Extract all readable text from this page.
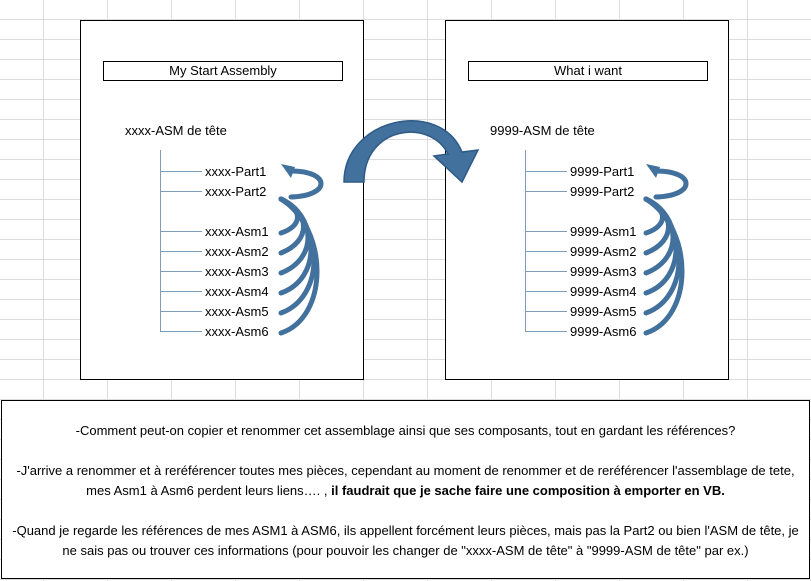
My Start Assembly
xxxx-ASM de tête
xxxx-Part1
xxxx-Part2
xxxx-Asm1
xxxx-Asm2
xxxx-Asm3
xxxx-Asm4
xxxx-Asm5
xxxx-Asm6
What i want
9999-ASM de tête
9999-Part1
9999-Part2
9999-Asm1
9999-Asm2
9999-Asm3
9999-Asm4
9999-Asm5
9999-Asm6
-Comment peut-on copier et renommer cet assemblage ainsi que ses composants, tout en gardant les références?
-J'arrive a renommer et à reréférencer toutes mes pièces, cependant au moment de renommer et de reréférencer l'assemblage de tete, mes Asm1 à Asm6 perdent leurs liens…. , il faudrait que je sache faire une composition à emporter en VB.
-Quand je regarde les références de mes ASM1 à ASM6, ils appellent forcément leurs pièces, mais pas la Part2 ou bien l'ASM de tête, je ne sais pas ou trouver ces informations (pour pouvoir les changer de "xxxx-ASM de tête" à "9999-ASM de tête" par ex.)
